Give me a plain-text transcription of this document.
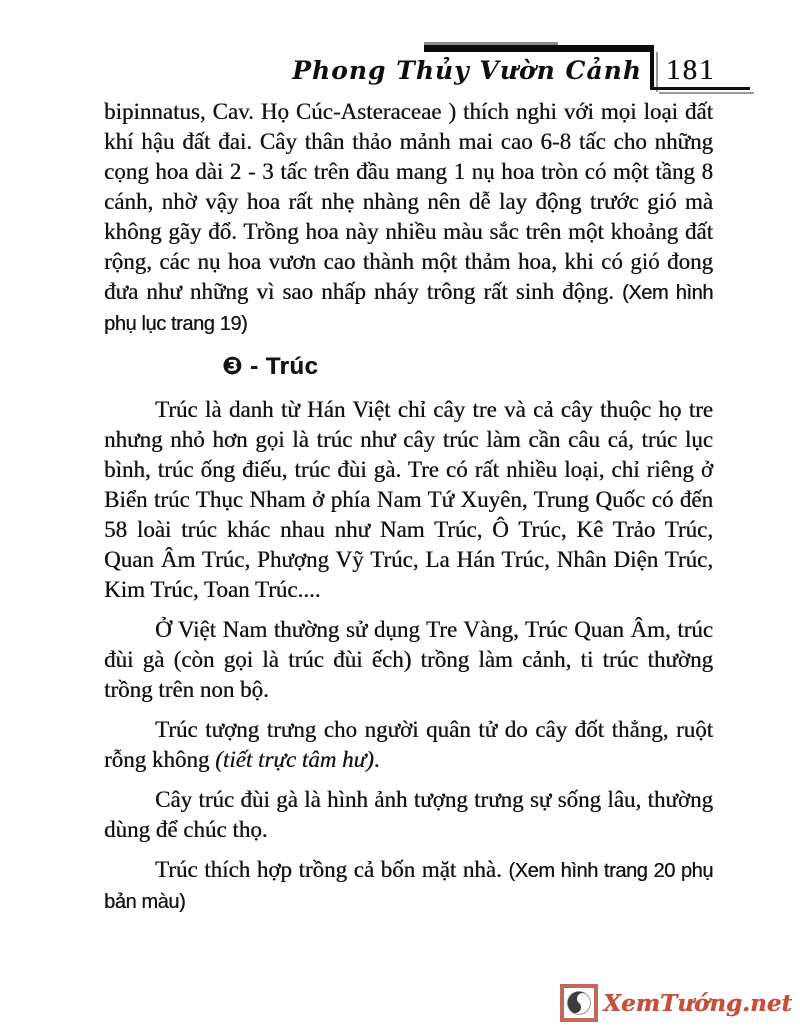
Phong Thủy Vườn Cảnh 181

bipinnatus, Cav. Họ Cúc-Asteraceae ) thích nghi với mọi loại đất khí hậu đất đai. Cây thân thảo mảnh mai cao 6-8 tấc cho những cọng hoa dài 2 - 3 tấc trên đầu mang 1 nụ hoa tròn có một tầng 8 cánh, nhờ vậy hoa rất nhẹ nhàng nên dễ lay động trước gió mà không gãy đổ. Trồng hoa này nhiều màu sắc trên một khoảng đất rộng, các nụ hoa vươn cao thành một thảm hoa, khi có gió đong đưa như những vì sao nhấp nháy trông rất sinh động. (Xem hình phụ lục trang 19)

❸ - Trúc

Trúc là danh từ Hán Việt chỉ cây tre và cả cây thuộc họ tre nhưng nhỏ hơn gọi là trúc như cây trúc làm cần câu cá, trúc lục bình, trúc ống điếu, trúc đùi gà. Tre có rất nhiều loại, chỉ riêng ở Biển trúc Thục Nham ở phía Nam Tứ Xuyên, Trung Quốc có đến 58 loài trúc khác nhau như Nam Trúc, Ô Trúc, Kê Trảo Trúc, Quan Âm Trúc, Phượng Vỹ Trúc, La Hán Trúc, Nhân Diện Trúc, Kim Trúc, Toan Trúc....

Ở Việt Nam thường sử dụng Tre Vàng, Trúc Quan Âm, trúc đùi gà (còn gọi là trúc đùi ếch) trồng làm cảnh, ti trúc thường trồng trên non bộ.

Trúc tượng trưng cho người quân tử do cây đốt thẳng, ruột rỗng không (tiết trực tâm hư).

Cây trúc đùi gà là hình ảnh tượng trưng sự sống lâu, thường dùng để chúc thọ.

Trúc thích hợp trồng cả bốn mặt nhà. (Xem hình trang 20 phụ bản màu)

XemTướng.net
